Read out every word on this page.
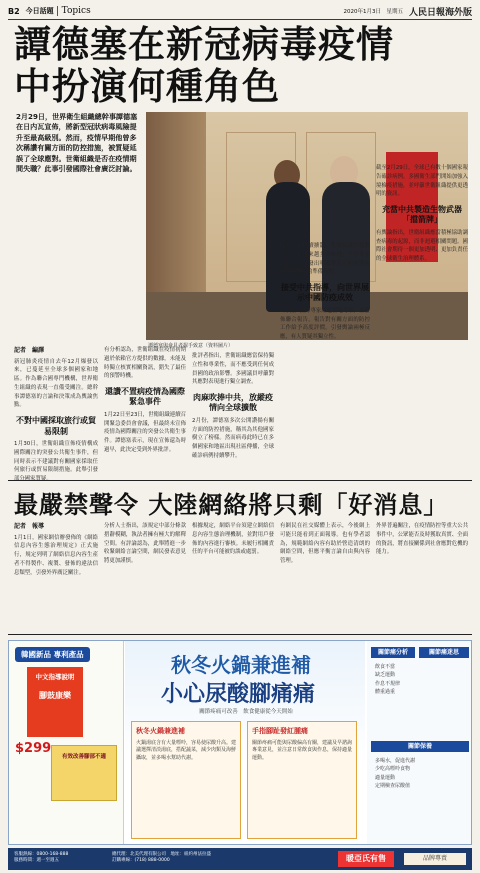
B2 今日話題 Topics	2020年1月3日　星期五 人民日報海外版
譚德塞在新冠病毒疫情
中扮演何種角色
2月29日，世界衛生組織總幹事譚德塞在日内瓦宣佈，將新型冠狀病毒風險提升至最高級別。然而，疫情早期他曾多次稱讚有關方面的防控措施，被質疑延誤了全球應對。世衛組織是否在疫情期間失職？此事引發國際社會廣泛討論。
譚德塞與會見者握手致意（資料圖片）
記者　編譯

新冠肺炎疫情自去年12月爆發以來，已蔓延至全球多個國家和地區。作為聯合國專門機構，世界衛生組織的表現一直備受關注。總幹事譚德塞的言論和決策成為輿論焦點。

不對中國採取旅行或貿易限制

1月30日，世衛組織宣佈疫情構成國際關注的突發公共衛生事件，但同時表示不建議對有關國家採取任何旅行或貿易限制措施。此舉引發部分國家質疑。

有分析認為，世衛組織在疫情初期過於依賴官方提供的數據，未能及時獨立核實相關資訊，錯失了最佳的預警時機。

還讚不置病疫情為國際緊急事件

1月22日至23日，世衛組織連續召開緊急委員會會議，但最終未宣佈疫情為國際關注的突發公共衛生事件。譚德塞表示，現在宣佈還為時過早，此決定受到外界批評。

批評者指出，世衛組織應當保持獨立性和專業性，而不應受到任何成員國的政治影響。多國議員呼籲對其應對表現進行獨立調查。

肉麻吹捧中共，放縱疫情向全球擴散

2月份，譚德塞多次公開讚揚有關方面的防控措施，稱其為其他國家樹立了榜樣。然而病毒此時已在多個國家和地區出現社區傳播，全球確診病例持續攀升。

隨着疫情持續擴散，世衛組織的應對方式受到越來越多的檢視。不少專家認為，及早發出明確警告可能有助各國爭取寶貴的準備時間。

接受中共指導，向世界展示中國防疫成效

2月初，國際專家組赴當地考察，並發佈聯合報告。報告對有關方面的防控工作給予高度評價，引發輿論兩極反應，有人質疑其獨立性。

截至2月29日，全球已有數十個國家報告確診病例。多國衛生部門開始加強入境檢疫措施，並呼籲世衛組織提供更透明的資訊。

充當中共製造生物武器「擋箭牌」

有輿論指出，世衛組織應當積極協助調查病毒的起源，而非迴避相關問題。國際社會期待一個更加透明、更加負責任的全球衛生治理體系。

最嚴禁聲令 大陸網絡將只剩「好消息」
記者　報導

1月1日，國家網信辦發佈的《網絡信息內容生態治理規定》正式施行，規定列明了網絡信息內容生產者不得製作、複製、發佈的違法信息類型，引發外界廣泛關注。

分析人士指出，該規定中部分條款措辭模糊，執法者擁有極大的解釋空間。有評論認為，此舉將進一步收緊網絡言論空間，網民發表意見將更加謹慎。

根據規定，網絡平台須建立網絡信息內容生態治理機制，並對用戶發佈的內容進行審核。未履行相關責任的平台可能被約談或處罰。

有網民在社交媒體上表示，今後網上可能只能看到正面報導。也有學者認為，規範網絡內容有助於營造清朗的網絡空間，但應平衡言論自由與內容管理。

外界普遍關注，在疫情防控等重大公共事件中，公眾能否及時獲取真實、全面的資訊，將直接關係到社會應對危機的能力。

韓國新品 專利產品
中文指導說明
腳鼓康樂
$299
有效改善腳部不適
秋冬火鍋兼進補
小心尿酸腳痛痛
關節疼痛可改善　飲食健康從今天開始
秋冬火鍋兼進補
火鍋湯底含有大量嘌呤，容易使尿酸升高。建議選擇清淡湯底，搭配蔬菜，減少肉類及海鮮攝取，並多喝水幫助代謝。
手指腳趾發紅腫痛
關節疼痛可能與尿酸偏高有關，建議及早諮詢專業意見，並注意日常飲食與作息，保持適量運動。
關節痛分析	關節痛迷思
飲食不當
缺乏運動
作息不規律
體重過重
關節保養
多喝水，促進代謝
少吃高嘌呤食物
適量運動
定期檢查尿酸值
客服熱線：0800-168-888
服務時間：週一至週五
總代理：北美代理有限公司　地址：紐約州法拉盛
訂購專線：(718) 888-0000	暖亞氏有售	品牌專賣
